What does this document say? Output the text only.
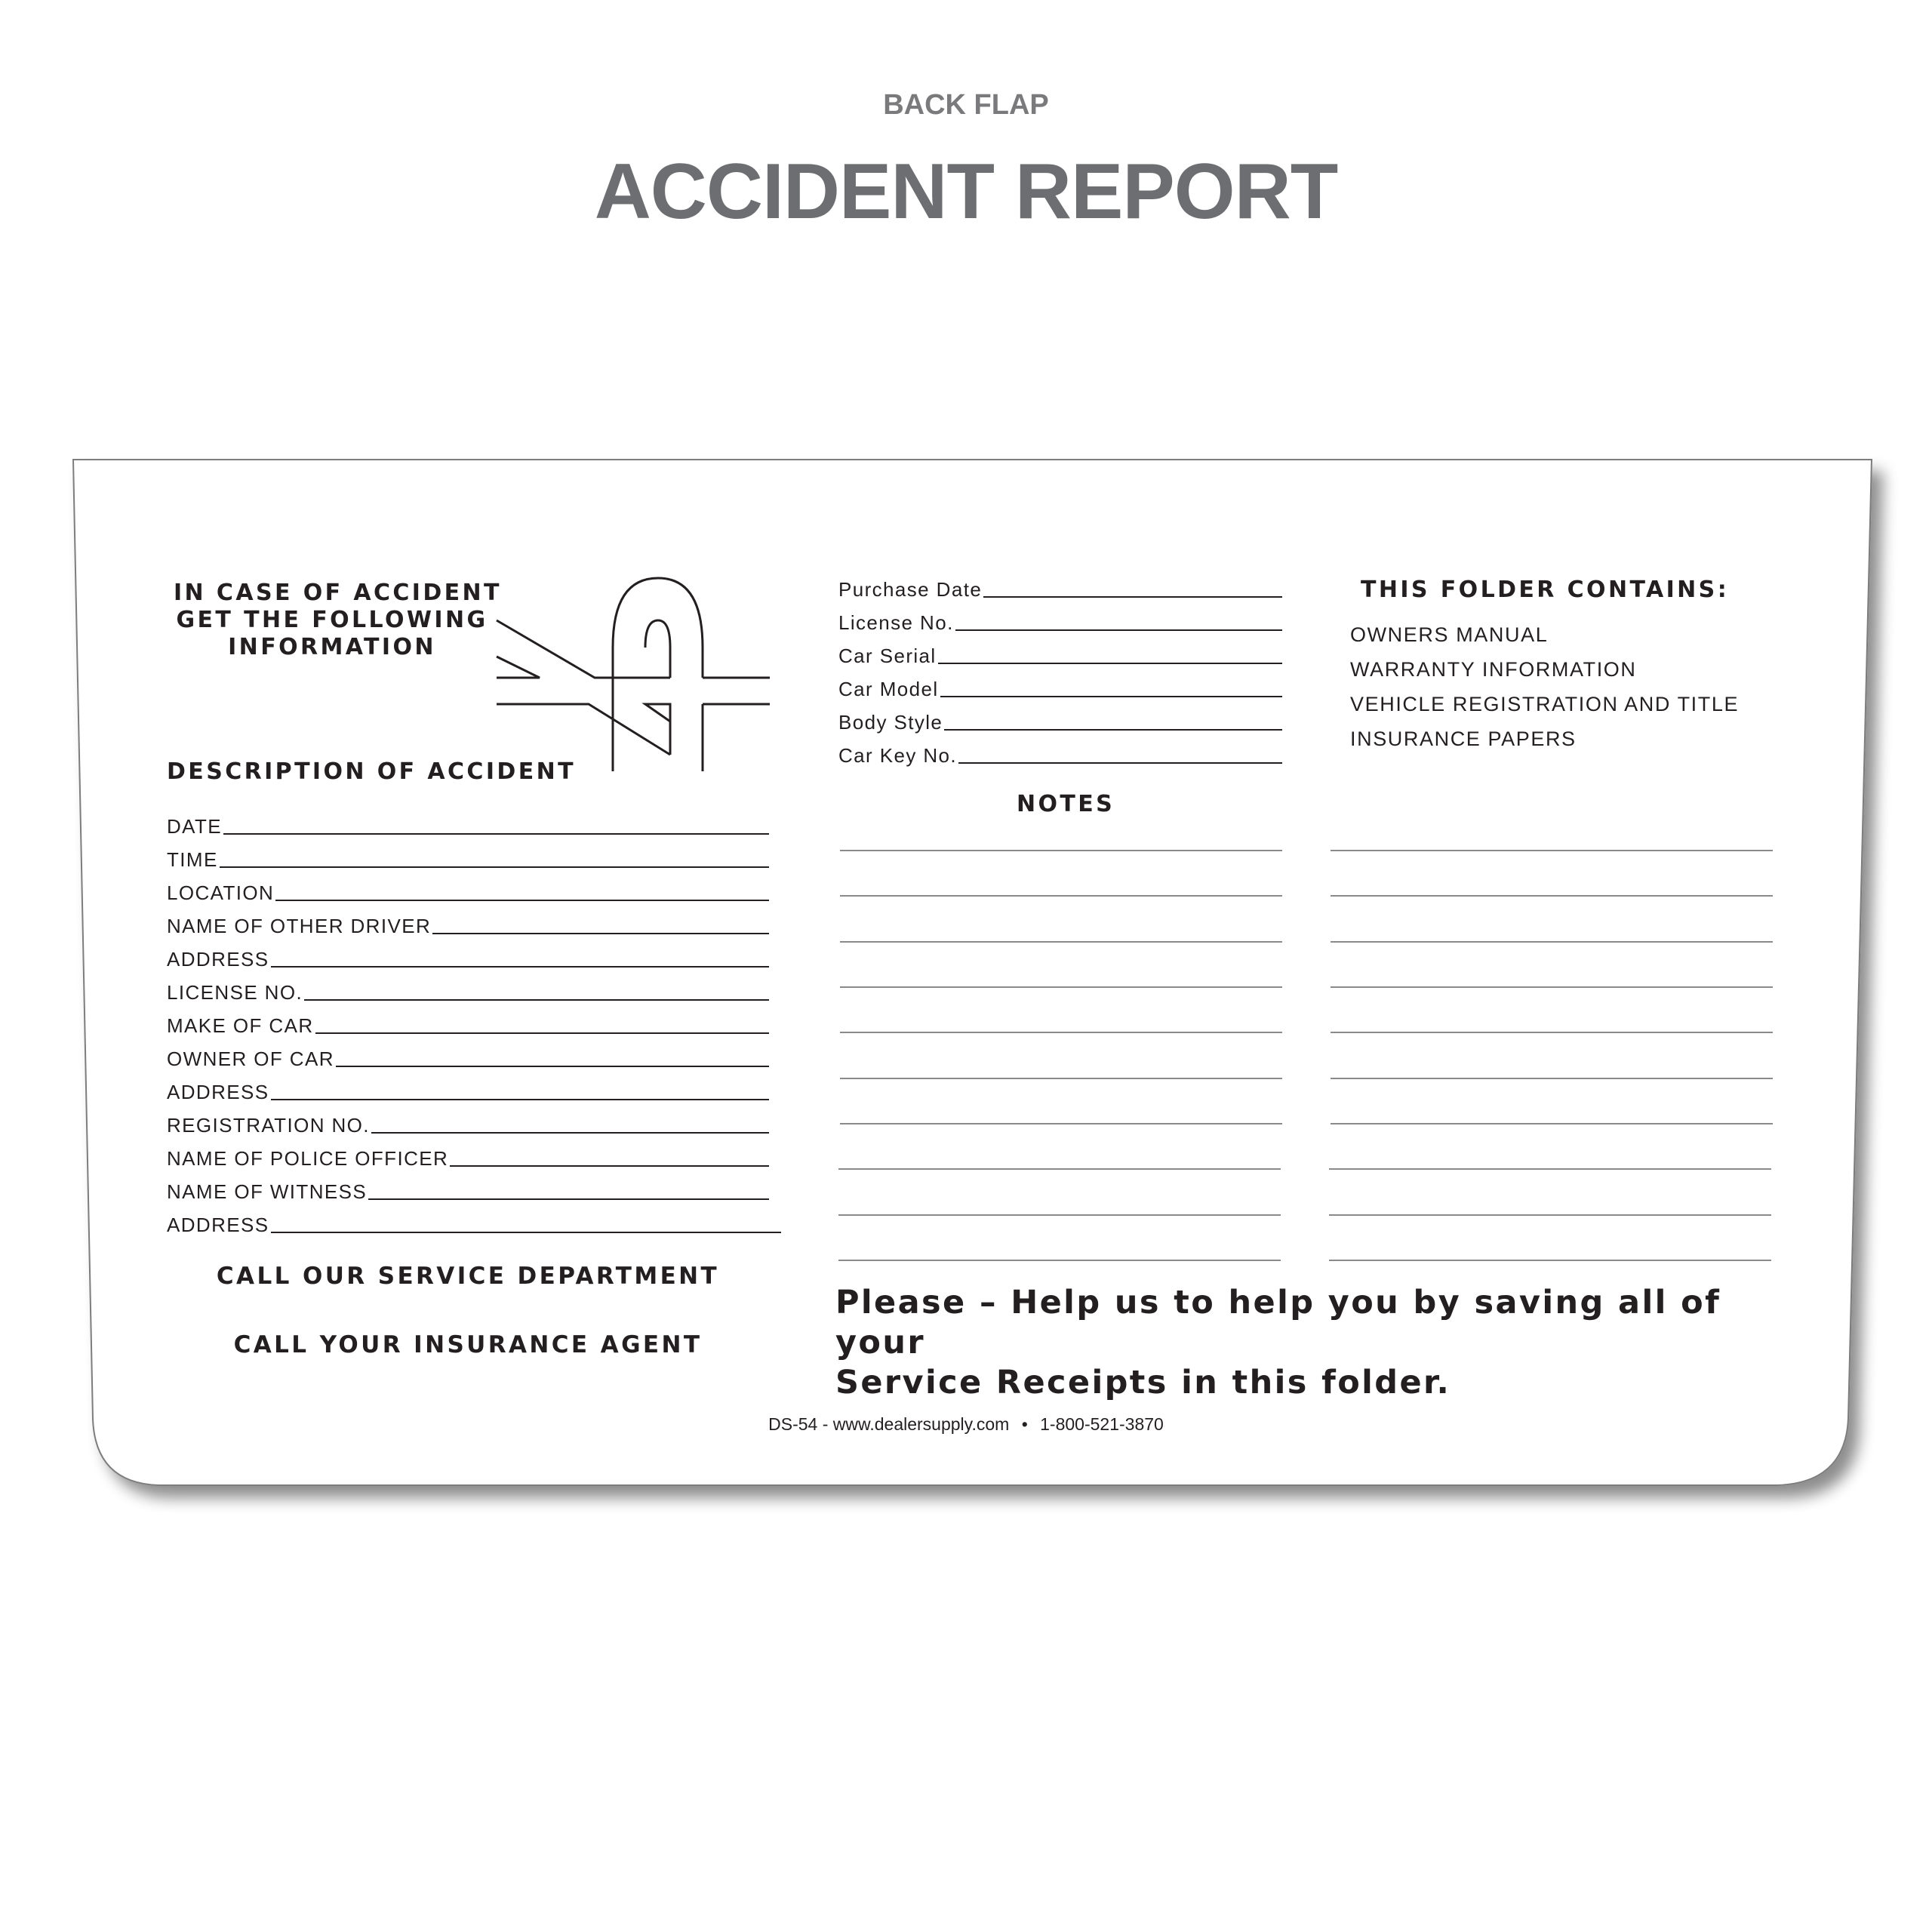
BACK FLAP
ACCIDENT REPORT
IN CASE OF ACCIDENT
GET THE FOLLOWING
INFORMATION
DESCRIPTION OF ACCIDENT
DATE
TIME
LOCATION
NAME OF OTHER DRIVER
ADDRESS
LICENSE NO.
MAKE OF CAR
OWNER OF CAR
ADDRESS
REGISTRATION NO.
NAME OF POLICE OFFICER
NAME OF WITNESS
ADDRESS
CALL OUR SERVICE DEPARTMENT
CALL YOUR INSURANCE AGENT
Purchase Date
License No.
Car Serial
Car Model
Body Style
Car Key No.
NOTES
THIS FOLDER CONTAINS:
OWNERS MANUAL
WARRANTY INFORMATION
VEHICLE REGISTRATION AND TITLE
INSURANCE PAPERS
Please – Help us to help you by saving all of your
Service Receipts in this folder.
DS-54 - www.dealersupply.com • 1-800-521-3870
